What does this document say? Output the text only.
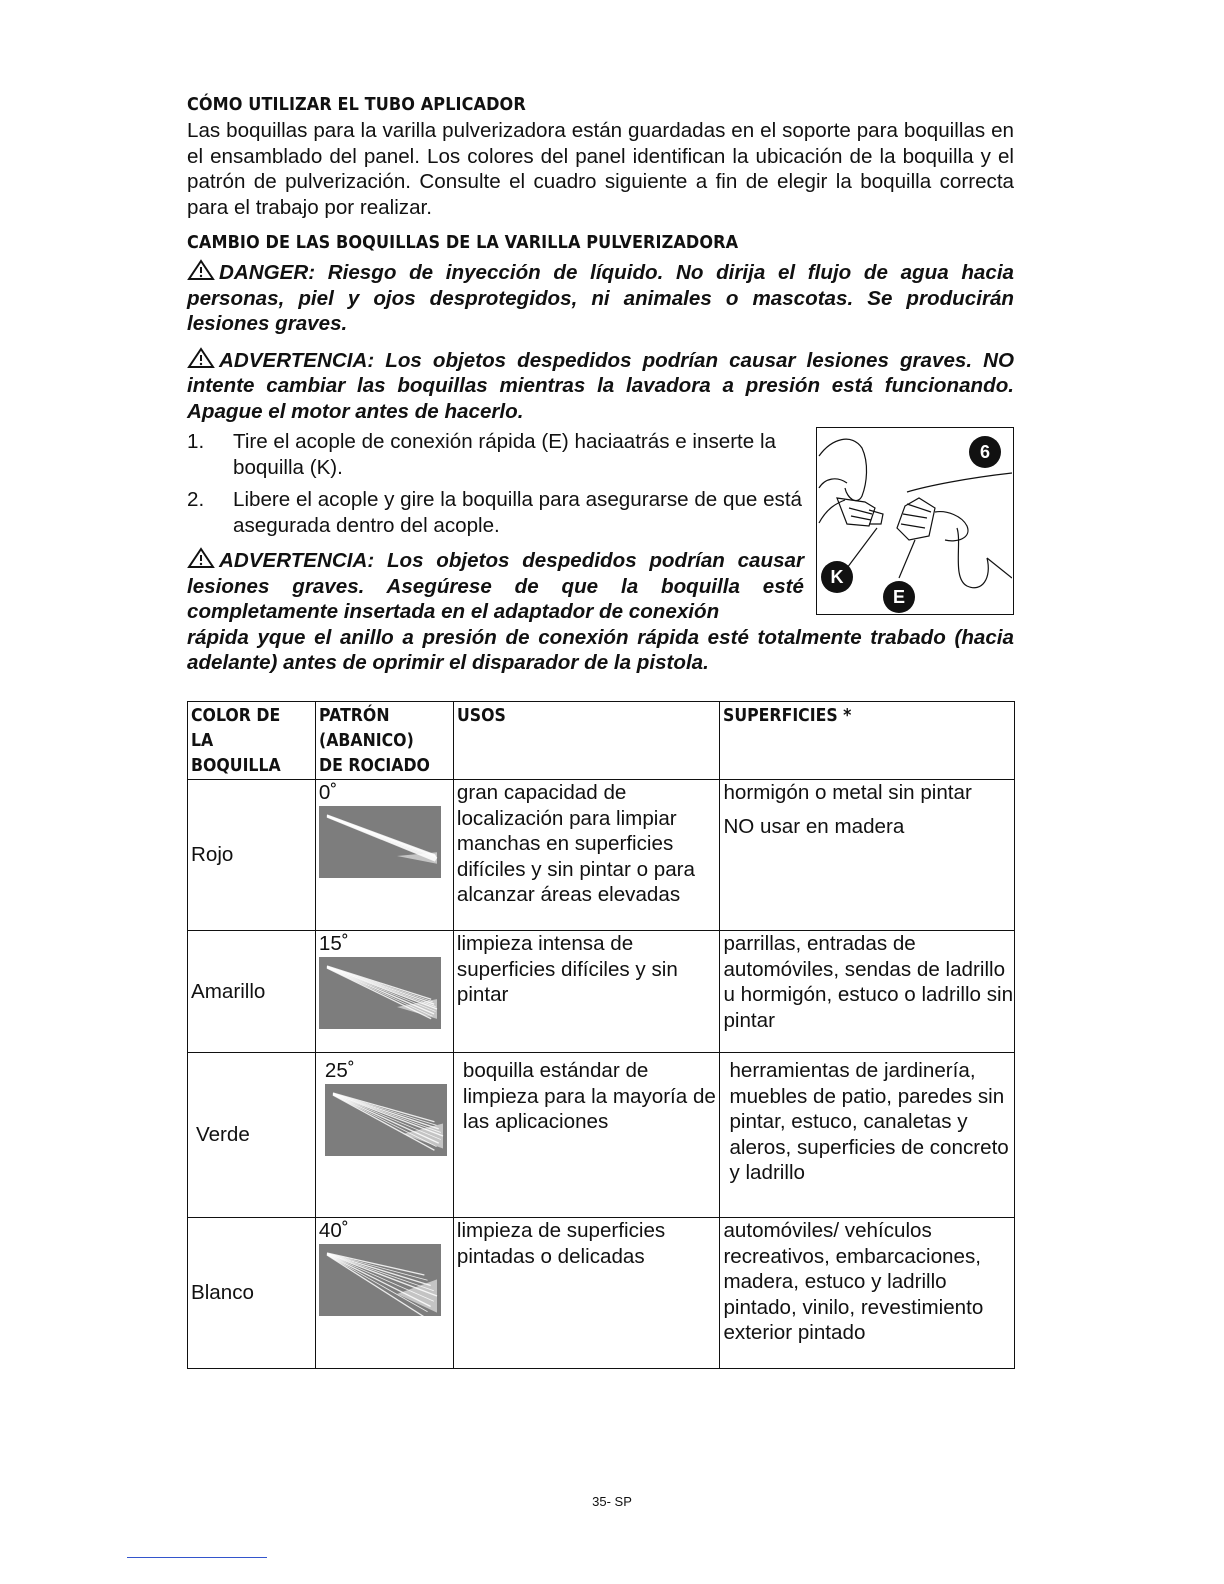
CÓMO UTILIZAR EL TUBO APLICADOR

Las boquillas para la varilla pulverizadora están guardadas en el soporte para boquillas en el ensamblado del panel. Los colores del panel identifican la ubicación de la boquilla y el patrón de pulverización. Consulte el cuadro siguiente a fin de elegir la boquilla correcta para el trabajo por realizar.

CAMBIO DE LAS BOQUILLAS DE LA VARILLA PULVERIZADORA

DANGER: Riesgo de inyección de líquido. No dirija el flujo de agua hacia personas, piel y ojos desprotegidos, ni animales o mascotas. Se producirán lesiones graves.

ADVERTENCIA: Los objetos despedidos podrían causar lesiones graves. NO intente cambiar las boquillas mientras la lavadora a presión está funcionando. Apague el motor antes de hacerlo.

1.	Tire el acople de conexión rápida (E) haciaatrás e inserte la boquilla (K).
2.	Libere el acople y gire la boquilla para asegurarse de que está asegurada dentro del acople.

ADVERTENCIA: Los objetos despedidos podrían causar lesiones graves. Asegúrese de que la boquilla esté completamente insertada en el adaptador de conexión

rápida yque el anillo a presión de conexión rápida esté totalmente trabado (hacia adelante) antes de oprimir el disparador de la pistola.

6
K
E
COLOR DE LA BOQUILLA	PATRÓN (ABANICO) DE ROCIADO	USOS	SUPERFICIES *
Rojo	0˚	gran capacidad de localización para limpiar manchas en superficies difíciles y sin pintar o para alcanzar áreas elevadas	hormigón o metal sin pintar
NO usar en madera

Amarillo	15˚	limpieza intensa de superficies difíciles y sin pintar	parrillas, entradas de automóviles, sendas de ladrillo u hormigón, estuco o ladrillo sin pintar
Verde	25˚	boquilla estándar de limpieza para la mayoría de las aplicaciones	herramientas de jardinería, muebles de patio, paredes sin pintar, estuco, canaletas y aleros, superficies de concreto y ladrillo
Blanco	40˚	limpieza de superficies pintadas o delicadas	automóviles/ vehículos recreativos, embarcaciones, madera, estuco y ladrillo pintado, vinilo, revestimiento exterior pintado
35- SP
